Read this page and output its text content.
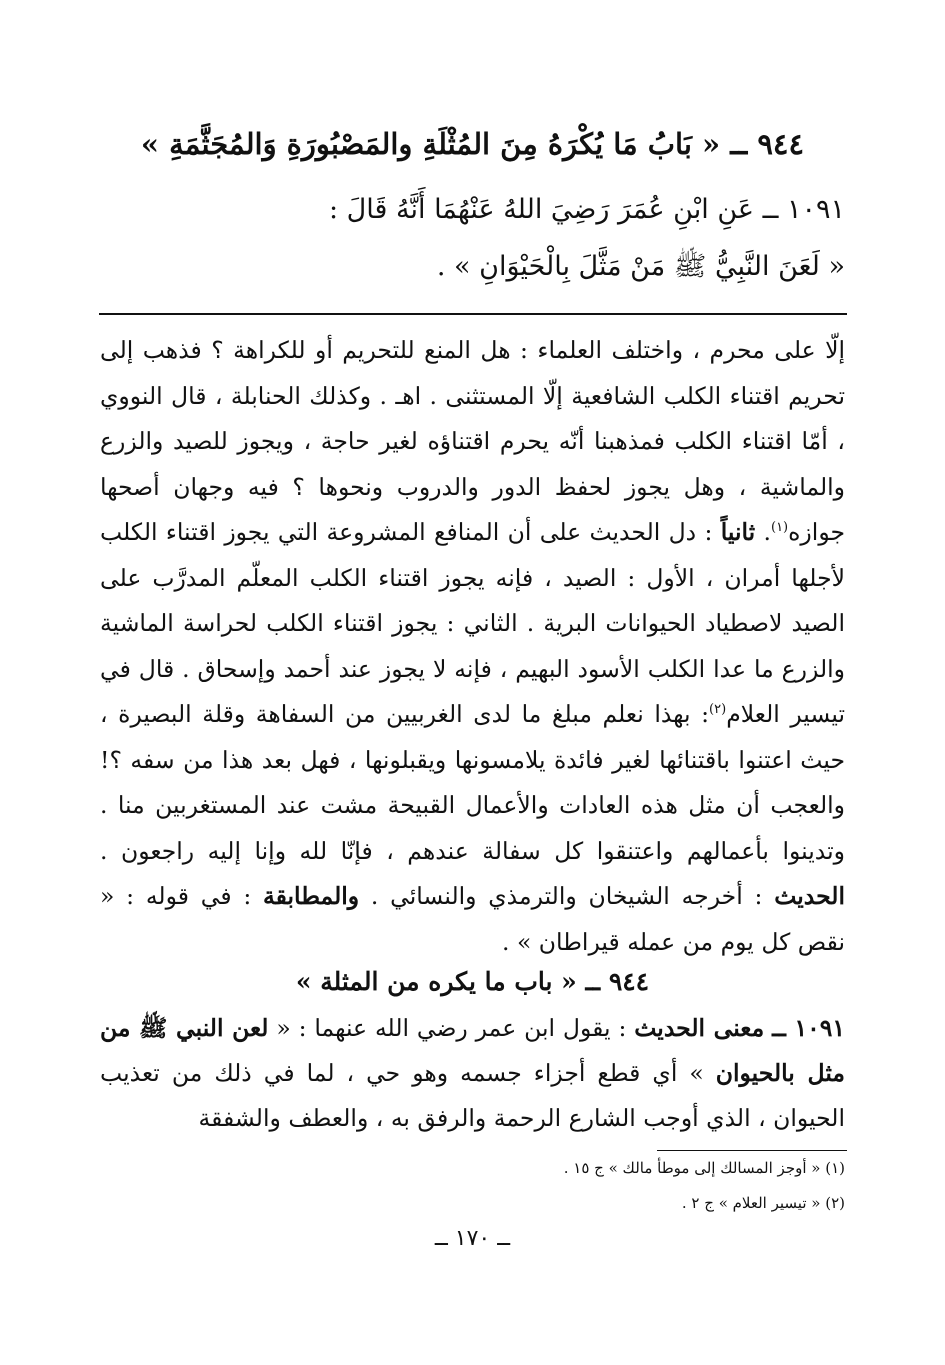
٩٤٤ ــ « بَابُ مَا يُكْرَهُ مِنَ المُثْلَةِ والمَصْبُورَةِ وَالمُجَثَّمَةِ »
١٠٩١ ــ عَنِ ابْنِ عُمَرَ رَضِيَ اللهُ عَنْهُمَا أَنَّهُ قَالَ :
« لَعَنَ النَّبِيُّ ﷺ مَنْ مَثَّلَ بِالْحَيْوَانِ » .

إلّا على محرم ، واختلف العلماء : هل المنع للتحريم أو للكراهة ؟ فذهب إلى تحريم اقتناء الكلب الشافعية إلّا المستثنى . اهـ . وكذلك الحنابلة ، قال النووي ، أمّا اقتناء الكلب فمذهبنا أنّه يحرم اقتناؤه لغير حاجة ، ويجوز للصيد والزرع والماشية ، وهل يجوز لحفظ الدور والدروب ونحوها ؟ فيه وجهان أصحها جوازه$^{(١)}$. ثانياً : دل الحديث على أن المنافع المشروعة التي يجوز اقتناء الكلب لأجلها أمران ، الأول : الصيد ، فإنه يجوز اقتناء الكلب المعلّم المدرَّب على الصيد لاصطياد الحيوانات البرية . الثاني : يجوز اقتناء الكلب لحراسة الماشية والزرع ما عدا الكلب الأسود البهيم ، فإنه لا يجوز عند أحمد وإسحاق . قال في تيسير العلام$^{(٢)}$: بهذا نعلم مبلغ ما لدى الغربيين من السفاهة وقلة البصيرة ، حيث اعتنوا باقتنائها لغير فائدة يلامسونها ويقبلونها ، فهل بعد هذا من سفه ؟! والعجب أن مثل هذه العادات والأعمال القبيحة مشت عند المستغربين منا . وتدينوا بأعمالهم واعتنقوا كل سفالة عندهم ، فإنّا لله وإنا إليه راجعون . الحديث : أخرجه الشيخان والترمذي والنسائي . والمطابقة : في قوله : « نقص كل يوم من عمله قيراطان » .

٩٤٤ ــ « باب ما يكره من المثلة »

١٠٩١ ــ معنى الحديث : يقول ابن عمر رضي الله عنهما : « لعن النبي ﷺ من مثل بالحيوان » أي قطع أجزاء جسمه وهو حي ، لما في ذلك من تعذيب الحيوان ، الذي أوجب الشارع الرحمة والرفق به ، والعطف والشفقة

(١) « أوجز المسالك إلى موطأ مالك » ج ١٥ .
(٢) « تيسير العلام » ج ٢ .
ــ ١٧٠ ــ
